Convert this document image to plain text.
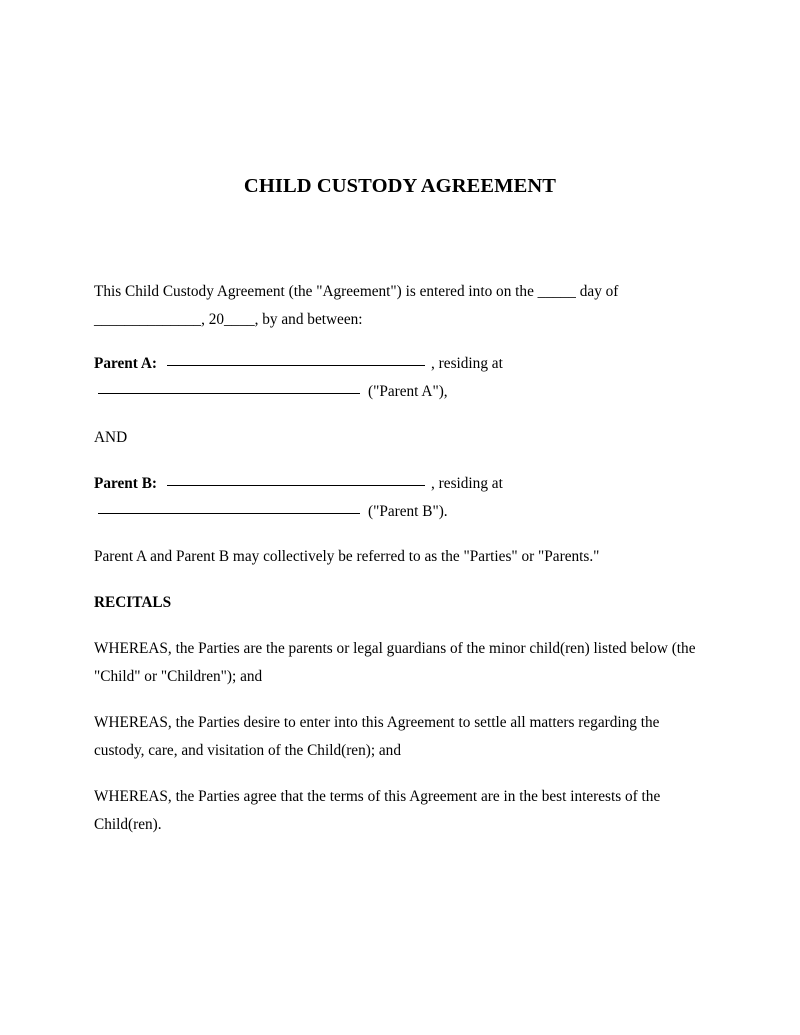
CHILD CUSTODY AGREEMENT

This Child Custody Agreement (the "Agreement") is entered into on the _____ day of

______________, 20____, by and between:

Parent A:	, residing at
("Parent A"),

AND

Parent B:	, residing at
("Parent B").

Parent A and Parent B may collectively be referred to as the "Parties" or "Parents."

RECITALS

WHEREAS, the Parties are the parents or legal guardians of the minor child(ren) listed below (the "Child" or "Children"); and

WHEREAS, the Parties desire to enter into this Agreement to settle all matters regarding the custody, care, and visitation of the Child(ren); and

WHEREAS, the Parties agree that the terms of this Agreement are in the best interests of the Child(ren).
